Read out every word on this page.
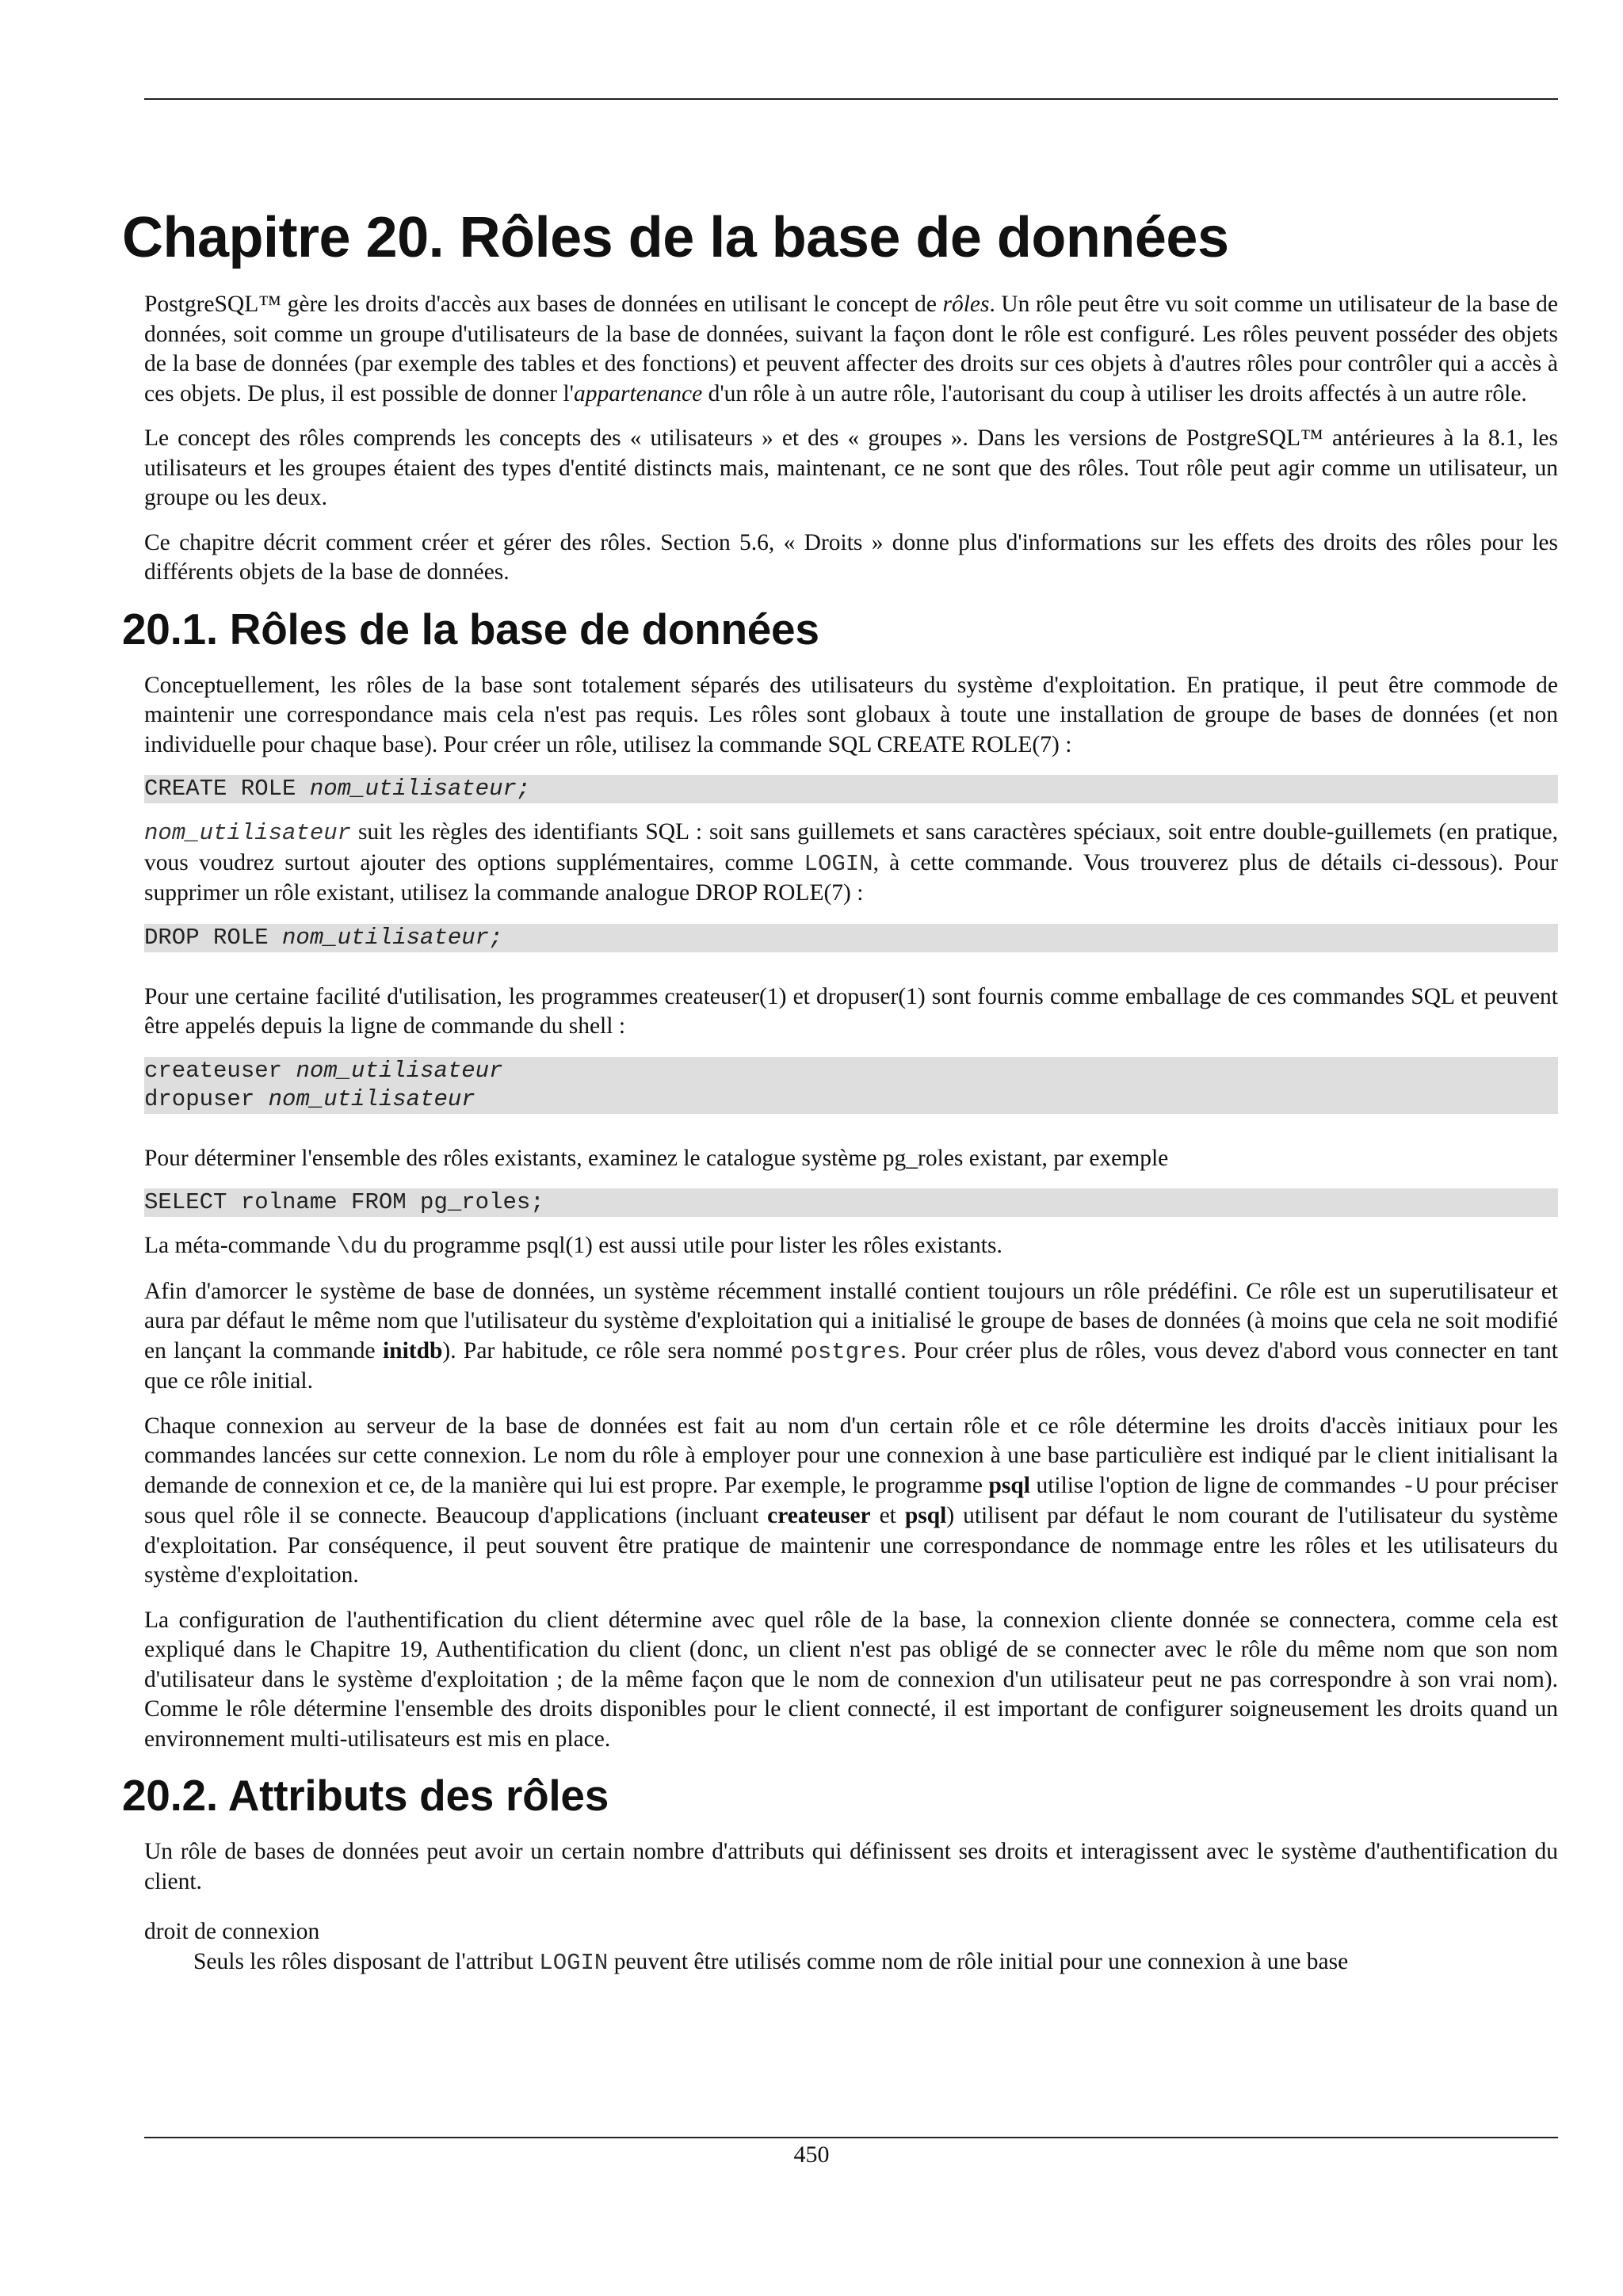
Chapitre 20. Rôles de la base de données

PostgreSQL™ gère les droits d'accès aux bases de données en utilisant le concept de rôles. Un rôle peut être vu soit comme un utilisateur de la base de données, soit comme un groupe d'utilisateurs de la base de données, suivant la façon dont le rôle est configuré. Les rôles peuvent posséder des objets de la base de données (par exemple des tables et des fonctions) et peuvent affecter des droits sur ces objets à d'autres rôles pour contrôler qui a accès à ces objets. De plus, il est possible de donner l'appartenance d'un rôle à un autre rôle, l'autorisant du coup à utiliser les droits affectés à un autre rôle.

Le concept des rôles comprends les concepts des « utilisateurs » et des « groupes ». Dans les versions de PostgreSQL™ antérieures à la 8.1, les utilisateurs et les groupes étaient des types d'entité distincts mais, maintenant, ce ne sont que des rôles. Tout rôle peut agir comme un utilisateur, un groupe ou les deux.

Ce chapitre décrit comment créer et gérer des rôles. Section 5.6, « Droits » donne plus d'informations sur les effets des droits des rôles pour les différents objets de la base de données.

20.1. Rôles de la base de données

Conceptuellement, les rôles de la base sont totalement séparés des utilisateurs du système d'exploitation. En pratique, il peut être commode de maintenir une correspondance mais cela n'est pas requis. Les rôles sont globaux à toute une installation de groupe de bases de données (et non individuelle pour chaque base). Pour créer un rôle, utilisez la commande SQL CREATE ROLE(7) :

CREATE ROLE nom_utilisateur;

nom_utilisateur suit les règles des identifiants SQL : soit sans guillemets et sans caractères spéciaux, soit entre double-guillemets (en pratique, vous voudrez surtout ajouter des options supplémentaires, comme LOGIN, à cette commande. Vous trouverez plus de détails ci-dessous). Pour supprimer un rôle existant, utilisez la commande analogue DROP ROLE(7) :

DROP ROLE nom_utilisateur;

Pour une certaine facilité d'utilisation, les programmes createuser(1) et dropuser(1) sont fournis comme emballage de ces commandes SQL et peuvent être appelés depuis la ligne de commande du shell :

createuser nom_utilisateur
dropuser nom_utilisateur

Pour déterminer l'ensemble des rôles existants, examinez le catalogue système pg_roles existant, par exemple

SELECT rolname FROM pg_roles;

La méta-commande \du du programme psql(1) est aussi utile pour lister les rôles existants.

Afin d'amorcer le système de base de données, un système récemment installé contient toujours un rôle prédéfini. Ce rôle est un superutilisateur et aura par défaut le même nom que l'utilisateur du système d'exploitation qui a initialisé le groupe de bases de données (à moins que cela ne soit modifié en lançant la commande initdb). Par habitude, ce rôle sera nommé postgres. Pour créer plus de rôles, vous devez d'abord vous connecter en tant que ce rôle initial.

Chaque connexion au serveur de la base de données est fait au nom d'un certain rôle et ce rôle détermine les droits d'accès initiaux pour les commandes lancées sur cette connexion. Le nom du rôle à employer pour une connexion à une base particulière est indiqué par le client initialisant la demande de connexion et ce, de la manière qui lui est propre. Par exemple, le programme psql utilise l'option de ligne de commandes -U pour préciser sous quel rôle il se connecte. Beaucoup d'applications (incluant createuser et psql) utilisent par défaut le nom courant de l'utilisateur du système d'exploitation. Par conséquence, il peut souvent être pratique de maintenir une correspondance de nommage entre les rôles et les utilisateurs du système d'exploitation.

La configuration de l'authentification du client détermine avec quel rôle de la base, la connexion cliente donnée se connectera, comme cela est expliqué dans le Chapitre 19, Authentification du client (donc, un client n'est pas obligé de se connecter avec le rôle du même nom que son nom d'utilisateur dans le système d'exploitation ; de la même façon que le nom de connexion d'un utilisateur peut ne pas correspondre à son vrai nom). Comme le rôle détermine l'ensemble des droits disponibles pour le client connecté, il est important de configurer soigneusement les droits quand un environnement multi-utilisateurs est mis en place.

20.2. Attributs des rôles

Un rôle de bases de données peut avoir un certain nombre d'attributs qui définissent ses droits et interagissent avec le système d'authentification du client.

droit de connexion
Seuls les rôles disposant de l'attribut LOGIN peuvent être utilisés comme nom de rôle initial pour une connexion à une base
450
